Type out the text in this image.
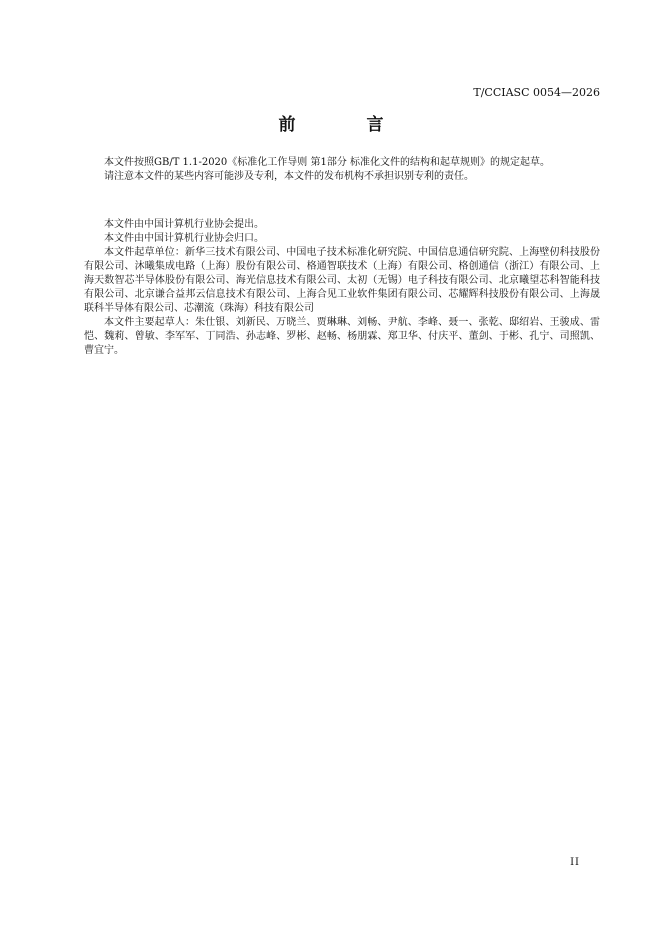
T/CCIASC 0054—2026
前　言

本文件按照GB/T 1.1-2020《标准化工作导则 第1部分 标准化文件的结构和起草规则》的规定起草。

请注意本文件的某些内容可能涉及专利，本文件的发布机构不承担识别专利的责任。

本文件由中国计算机行业协会提出。

本文件由中国计算机行业协会归口。

本文件起草单位：新华三技术有限公司、中国电子技术标准化研究院、中国信息通信研究院、上海壁仞科技股份有限公司、沐曦集成电路（上海）股份有限公司、格通智联技术（上海）有限公司、格创通信（浙江）有限公司、上海天数智芯半导体股份有限公司、海光信息技术有限公司、太初（无锡）电子科技有限公司、北京曦望芯科智能科技有限公司、北京谦合益邦云信息技术有限公司、上海合见工业软件集团有限公司、芯耀辉科技股份有限公司、上海晟联科半导体有限公司、芯潮流（珠海）科技有限公司

本文件主要起草人：朱仕银、刘新民、万晓兰、贾琳琳、刘畅、尹航、李峰、聂一、张乾、邸绍岩、王骏成、雷恺、魏莉、曾敏、李军军、丁同浩、孙志峰、罗彬、赵畅、杨朋霖、郑卫华、付庆平、董剑、于彬、孔宁、司照凯、曹宜宁。

II
